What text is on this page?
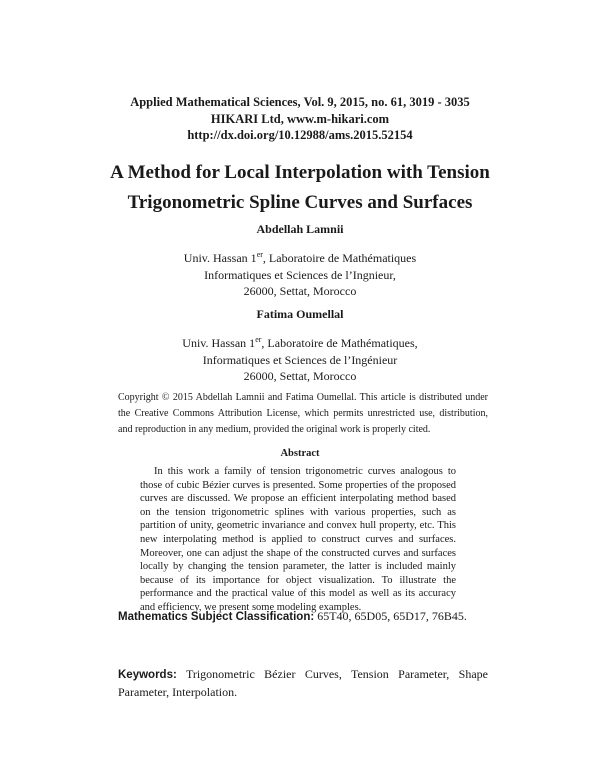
Applied Mathematical Sciences, Vol. 9, 2015, no. 61, 3019 - 3035
HIKARI Ltd, www.m-hikari.com
http://dx.doi.org/10.12988/ams.2015.52154
A Method for Local Interpolation with Tension
Trigonometric Spline Curves and Surfaces
Abdellah Lamnii
Univ. Hassan 1er, Laboratoire de Mathématiques
Informatiques et Sciences de l’Ingnieur,
26000, Settat, Morocco
Fatima Oumellal
Univ. Hassan 1er, Laboratoire de Mathématiques,
Informatiques et Sciences de l’Ingénieur
26000, Settat, Morocco
Copyright © 2015 Abdellah Lamnii and Fatima Oumellal. This article is distributed under the Creative Commons Attribution License, which permits unrestricted use, distribution, and reproduction in any medium, provided the original work is properly cited.
Abstract

In this work a family of tension trigonometric curves analogous to those of cubic Bézier curves is presented. Some properties of the proposed curves are discussed. We propose an efficient interpolating method based on the tension trigonometric splines with various properties, such as partition of unity, geometric invariance and convex hull property, etc. This new interpolating method is applied to construct curves and surfaces. Moreover, one can adjust the shape of the constructed curves and surfaces locally by changing the tension parameter, the latter is included mainly because of its importance for object visualization. To illustrate the performance and the practical value of this model as well as its accuracy and efficiency, we present some modeling examples.

Mathematics Subject Classification: 65T40, 65D05, 65D17, 76B45.
Keywords: Trigonometric Bézier Curves, Tension Parameter, Shape Parameter, Interpolation.
